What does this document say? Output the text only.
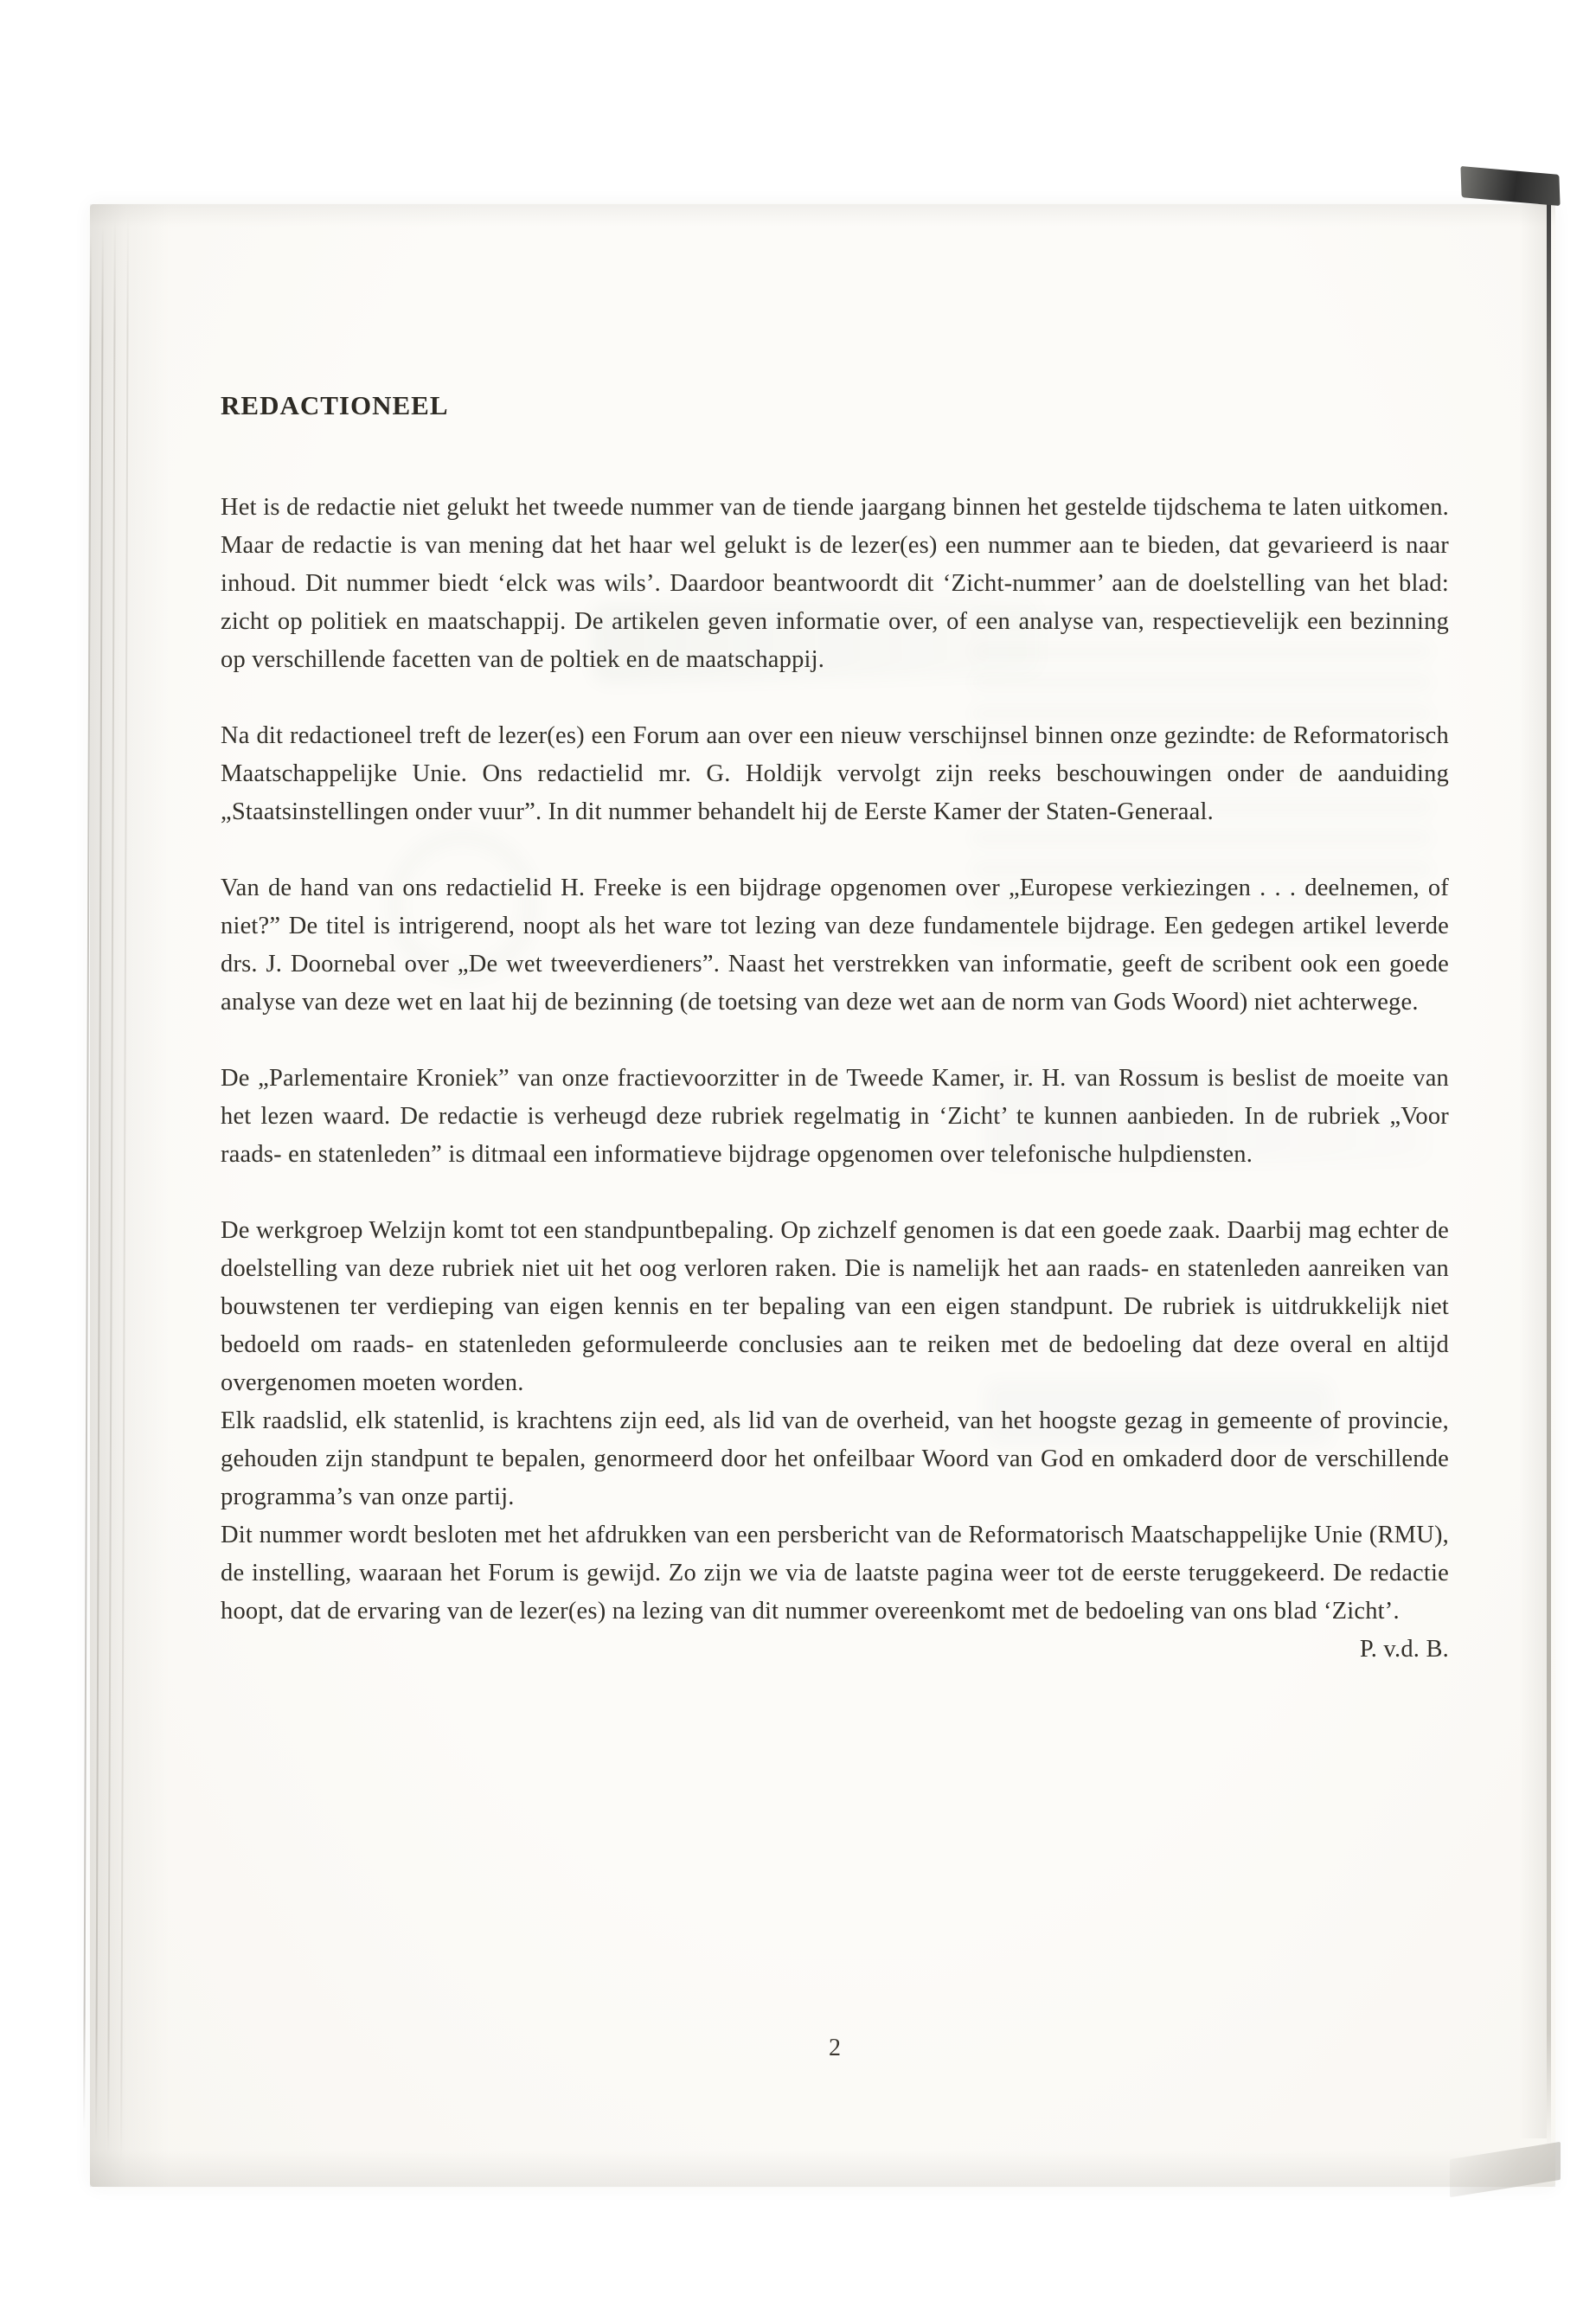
REDACTIONEEL

Het is de redactie niet gelukt het tweede nummer van de tiende jaargang binnen het gestelde tijdschema te laten uitkomen. Maar de redactie is van mening dat het haar wel gelukt is de lezer(es) een nummer aan te bieden, dat gevarieerd is naar inhoud. Dit nummer biedt ‘elck was wils’. Daardoor beantwoordt dit ‘Zicht-nummer’ aan de doelstelling van het blad: zicht op politiek en maatschappij. De artikelen geven informatie over, of een analyse van, respectievelijk een bezinning op verschillende facetten van de poltiek en de maatschappij.

Na dit redactioneel treft de lezer(es) een Forum aan over een nieuw verschijnsel binnen onze gezindte: de Reformatorisch Maatschappelijke Unie. Ons redactielid mr. G. Holdijk vervolgt zijn reeks beschouwingen onder de aanduiding „Staatsinstellingen onder vuur”. In dit nummer behandelt hij de Eerste Kamer der Staten-Generaal.

Van de hand van ons redactielid H. Freeke is een bijdrage opgenomen over „Europese verkiezingen . . . deelnemen, of niet?” De titel is intrigerend, noopt als het ware tot lezing van deze fundamentele bijdrage. Een gedegen artikel leverde drs. J. Doornebal over „De wet tweeverdieners”. Naast het verstrekken van informatie, geeft de scribent ook een goede analyse van deze wet en laat hij de bezinning (de toetsing van deze wet aan de norm van Gods Woord) niet achterwege.

De „Parlementaire Kroniek” van onze fractievoorzitter in de Tweede Kamer, ir. H. van Rossum is beslist de moeite van het lezen waard. De redactie is verheugd deze rubriek regelmatig in ‘Zicht’ te kunnen aanbieden. In de rubriek „Voor raads- en statenleden” is ditmaal een informatieve bijdrage opgenomen over telefonische hulpdiensten.

De werkgroep Welzijn komt tot een standpuntbepaling. Op zichzelf genomen is dat een goede zaak. Daarbij mag echter de doelstelling van deze rubriek niet uit het oog verloren raken. Die is namelijk het aan raads- en statenleden aanreiken van bouwstenen ter verdieping van eigen kennis en ter bepaling van een eigen standpunt. De rubriek is uitdrukkelijk niet bedoeld om raads- en statenleden geformuleerde conclusies aan te reiken met de bedoeling dat deze overal en altijd overgenomen moeten worden.

Elk raadslid, elk statenlid, is krachtens zijn eed, als lid van de overheid, van het hoogste gezag in gemeente of provincie, gehouden zijn standpunt te bepalen, genormeerd door het onfeilbaar Woord van God en omkaderd door de verschillende programma’s van onze partij.

Dit nummer wordt besloten met het afdrukken van een persbericht van de Reformatorisch Maatschappelijke Unie (RMU), de instelling, waaraan het Forum is gewijd. Zo zijn we via de laatste pagina weer tot de eerste teruggekeerd. De redactie hoopt, dat de ervaring van de lezer(es) na lezing van dit nummer overeenkomt met de bedoeling van ons blad ‘Zicht’.

P. v.d. B.
2
